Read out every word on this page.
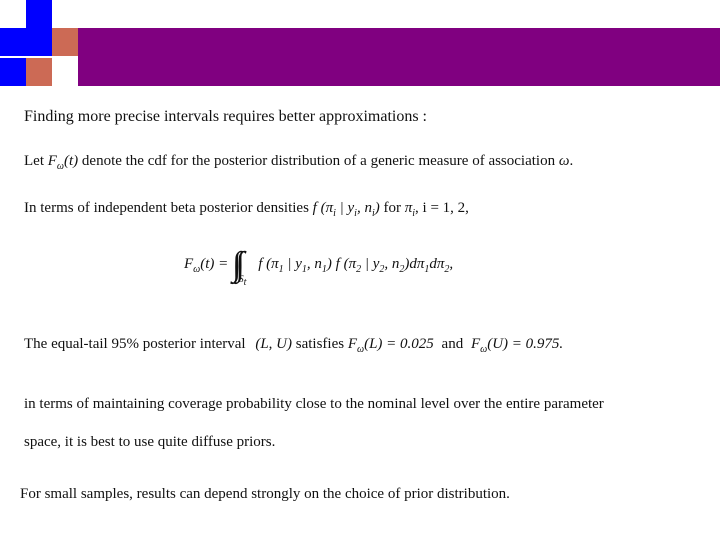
Finding more precise intervals requires better approximations :
Let $F_\omega(t)$ denote the cdf for the posterior distribution of a generic measure of association ω.
In terms of independent beta posterior densities f ($\pi_i$ | $y_i$, $n_i$) for $\pi_i$, i = 1, 2,
$F_\omega(t) = \int\int_{S_t}$ f ($\pi_1$ | $y_1$, $n_1$) f ($\pi_2$ | $y_2$, $n_2)d\pi_1d\pi_2$,
The equal-tail 95% posterior interval (L, U) satisfies $F_\omega(L) = 0.025$ and $F_\omega(U) = 0.975$.
in terms of maintaining coverage probability close to the nominal level over the entire parameter
space, it is best to use quite diffuse priors.
For small samples, results can depend strongly on the choice of prior distribution.
